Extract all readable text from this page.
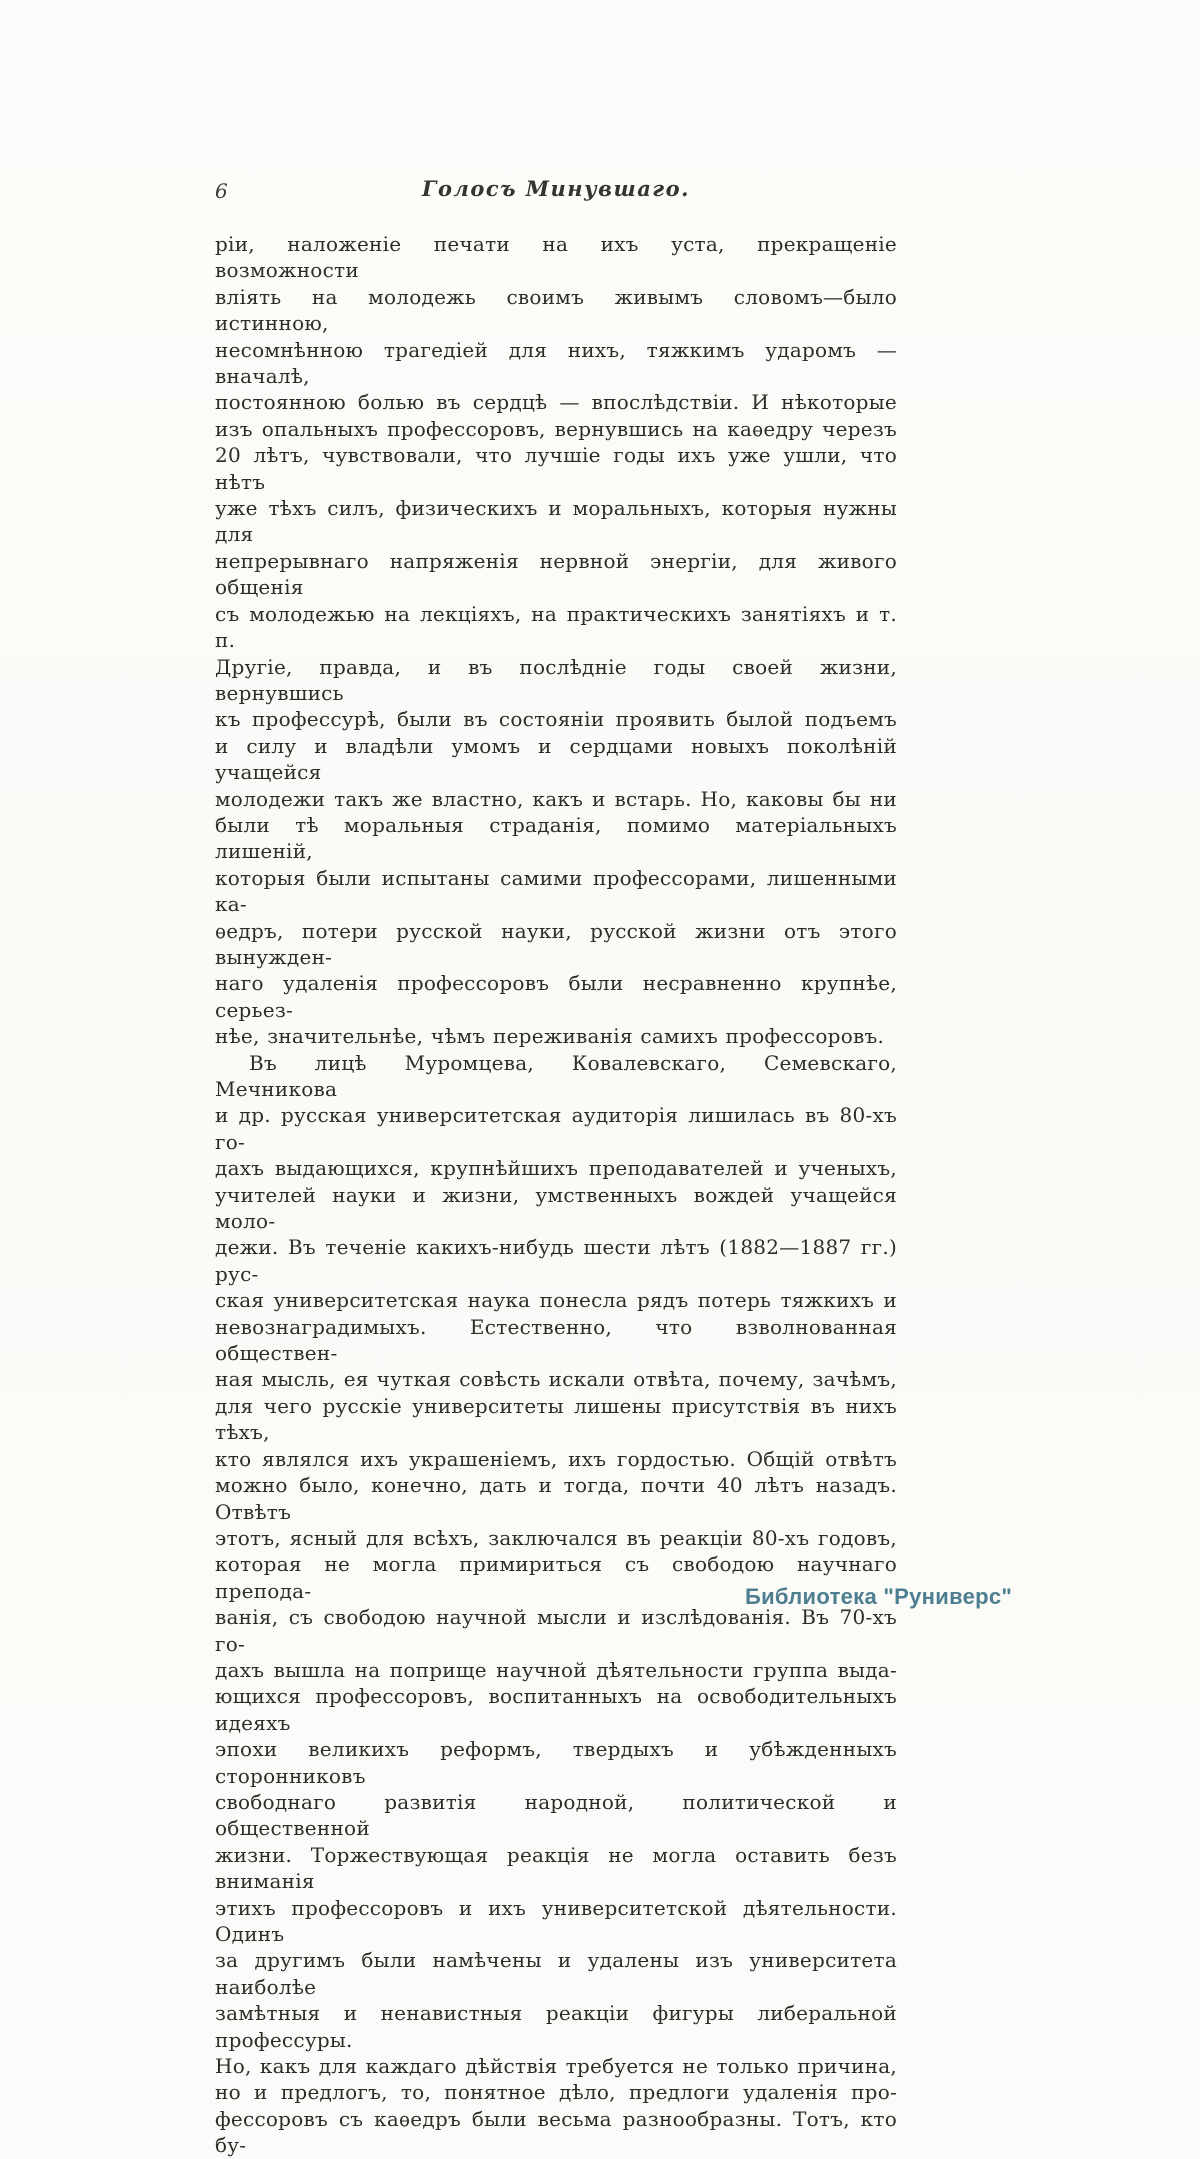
6	Голосъ Минувшаго.

ріи, наложеніе печати на ихъ уста, прекращеніе возможности
вліять на молодежь своимъ живымъ словомъ—было истинною,
несомнѣнною трагедіей для нихъ, тяжкимъ ударомъ — вначалѣ,
постоянною болью въ сердцѣ — впослѣдствіи. И нѣкоторые
изъ опальныхъ профессоровъ, вернувшись на каѳедру черезъ
20 лѣтъ, чувствовали, что лучшіе годы ихъ уже ушли, что нѣтъ
уже тѣхъ силъ, физическихъ и моральныхъ, которыя нужны для
непрерывнаго напряженія нервной энергіи, для живого общенія
съ молодежью на лекціяхъ, на практическихъ занятіяхъ и т. п.
Другіе, правда, и въ послѣдніе годы своей жизни, вернувшись
къ профессурѣ, были въ состояніи проявить былой подъемъ
и силу и владѣли умомъ и сердцами новыхъ поколѣній учащейся
молодежи такъ же властно, какъ и встарь. Но, каковы бы ни
были тѣ моральныя страданія, помимо матеріальныхъ лишеній,
которыя были испытаны самими профессорами, лишенными ка-
ѳедръ, потери русской науки, русской жизни отъ этого вынужден-
наго удаленія профессоровъ были несравненно крупнѣе, серьез-
нѣе, значительнѣе, чѣмъ переживанія самихъ профессоровъ.

Въ лицѣ Муромцева, Ковалевскаго, Семевскаго, Мечникова
и др. русская университетская аудиторія лишилась въ 80-хъ го-
дахъ выдающихся, крупнѣйшихъ преподавателей и ученыхъ,
учителей науки и жизни, умственныхъ вождей учащейся моло-
дежи. Въ теченіе какихъ-нибудь шести лѣтъ (1882—1887 гг.) рус-
ская университетская наука понесла рядъ потерь тяжкихъ и
невознаградимыхъ. Естественно, что взволнованная обществен-
ная мысль, ея чуткая совѣсть искали отвѣта, почему, зачѣмъ,
для чего русскіе университеты лишены присутствія въ нихъ тѣхъ,
кто являлся ихъ украшеніемъ, ихъ гордостью. Общій отвѣтъ
можно было, конечно, дать и тогда, почти 40 лѣтъ назадъ. Отвѣтъ
этотъ, ясный для всѣхъ, заключался въ реакціи 80-хъ годовъ,
которая не могла примириться съ свободою научнаго препода-
ванія, съ свободою научной мысли и изслѣдованія. Въ 70-хъ го-
дахъ вышла на поприще научной дѣятельности группа выда-
ющихся профессоровъ, воспитанныхъ на освободительныхъ идеяхъ
эпохи великихъ реформъ, твердыхъ и убѣжденныхъ сторонниковъ
свободнаго развитія народной, политической и общественной
жизни. Торжествующая реакція не могла оставить безъ вниманія
этихъ профессоровъ и ихъ университетской дѣятельности. Одинъ
за другимъ были намѣчены и удалены изъ университета наиболѣе
замѣтныя и ненавистныя реакціи фигуры либеральной профессуры.
Но, какъ для каждаго дѣйствія требуется не только причина,
но и предлогъ, то, понятное дѣло, предлоги удаленія про-
фессоровъ съ каѳедръ были весьма разнообразны. Тотъ, кто бу-

Библиотека "Руниверс"
